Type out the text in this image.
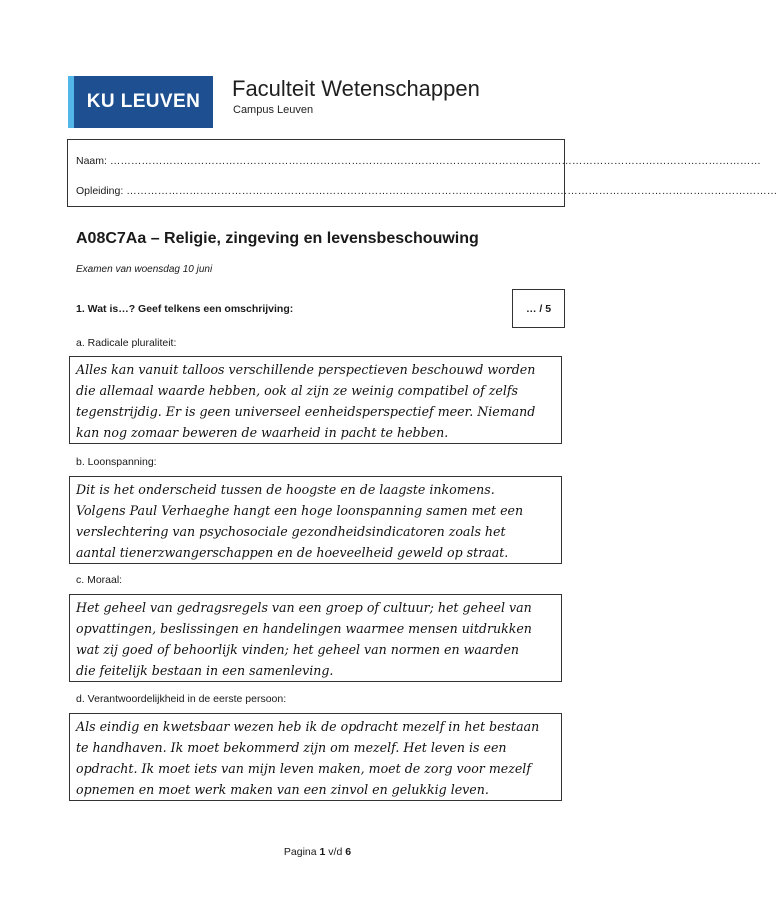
KU LEUVEN
Faculteit Wetenschappen
Campus Leuven
Naam: ……………………………………………………………………………………………………………………………………………………………………
Opleiding: ……………………………………………………………………………………………………………………………………………………………………
A08C7Aa – Religie, zingeving en levensbeschouwing
Examen van woensdag 10 juni
1. Wat is…? Geef telkens een omschrijving:	… / 5
a. Radicale pluraliteit:
Alles kan vanuit talloos verschillende perspectieven beschouwd worden
die allemaal waarde hebben, ook al zijn ze weinig compatibel of zelfs
tegenstrijdig. Er is geen universeel eenheidsperspectief meer. Niemand
kan nog zomaar beweren de waarheid in pacht te hebben.
b. Loonspanning:
Dit is het onderscheid tussen de hoogste en de laagste inkomens.
Volgens Paul Verhaeghe hangt een hoge loonspanning samen met een
verslechtering van psychosociale gezondheidsindicatoren zoals het
aantal tienerzwangerschappen en de hoeveelheid geweld op straat.
c. Moraal:
Het geheel van gedragsregels van een groep of cultuur; het geheel van
opvattingen, beslissingen en handelingen waarmee mensen uitdrukken
wat zij goed of behoorlijk vinden; het geheel van normen en waarden
die feitelijk bestaan in een samenleving.
d. Verantwoordelijkheid in de eerste persoon:
Als eindig en kwetsbaar wezen heb ik de opdracht mezelf in het bestaan
te handhaven. Ik moet bekommerd zijn om mezelf. Het leven is een
opdracht. Ik moet iets van mijn leven maken, moet de zorg voor mezelf
opnemen en moet werk maken van een zinvol en gelukkig leven.
Pagina 1 v/d 6
